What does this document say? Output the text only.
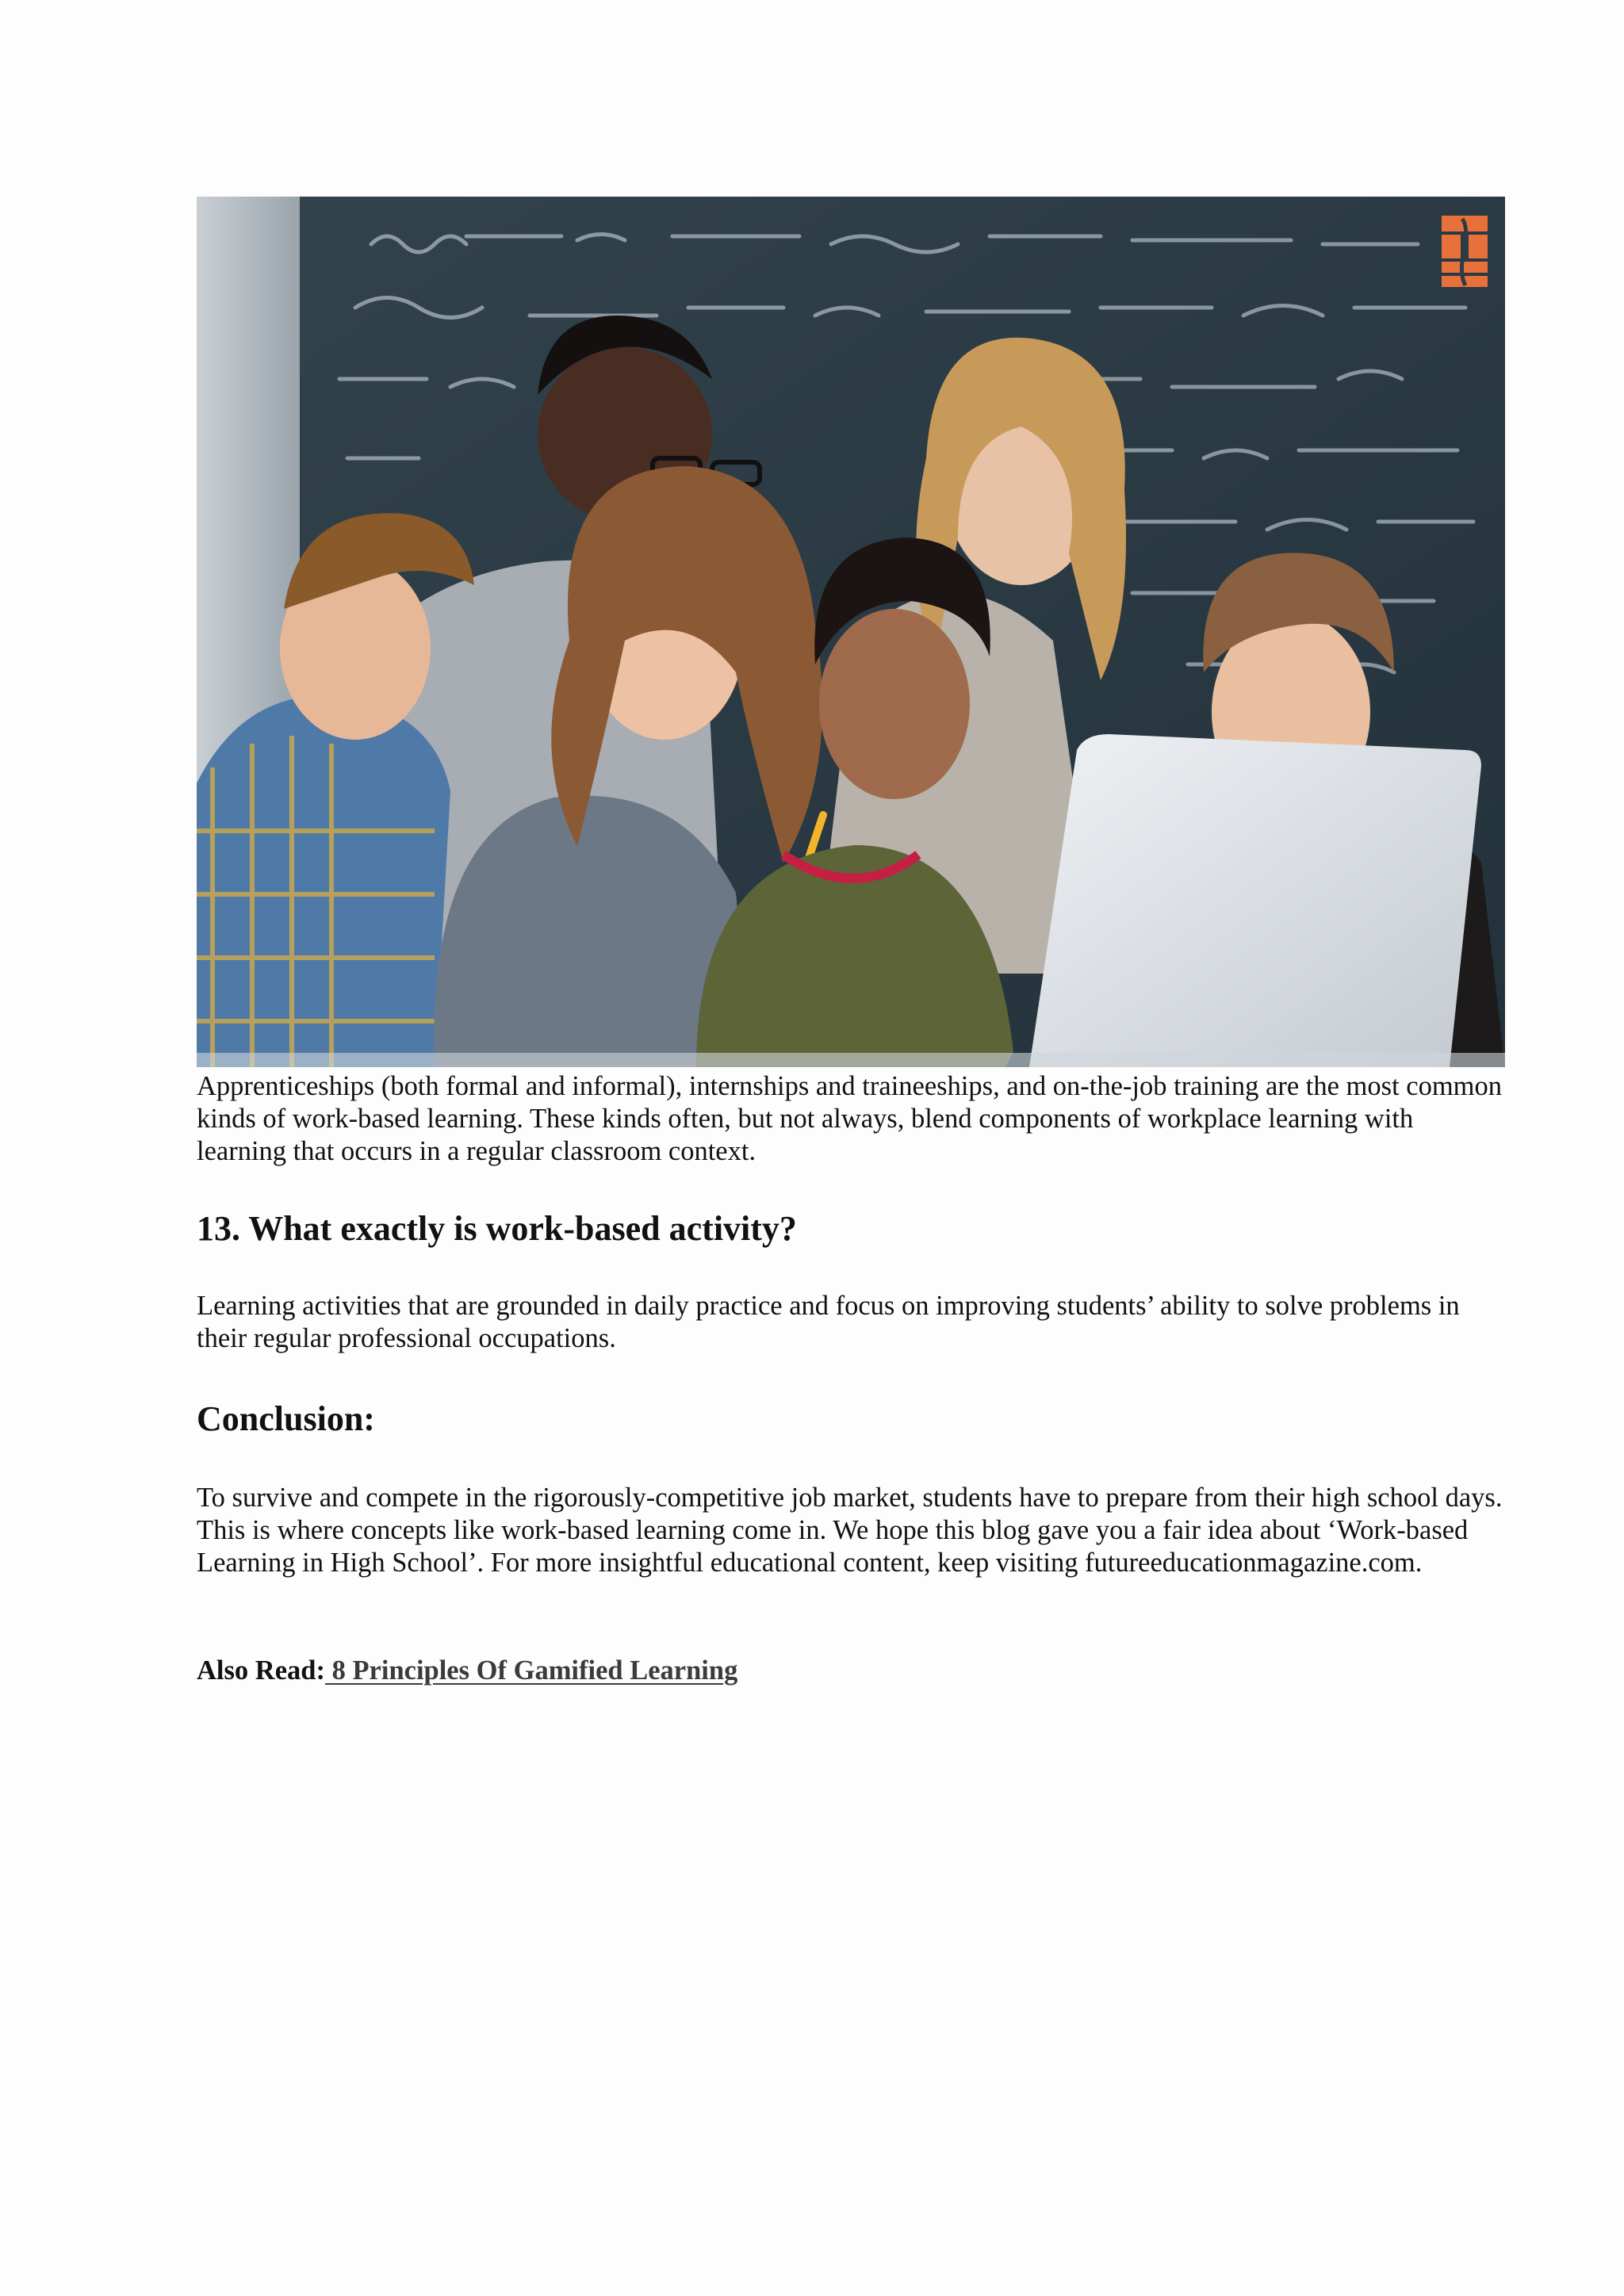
Apprenticeships (both formal and informal), internships and traineeships, and on-the-job training are the most common kinds of work-based learning. These kinds often, but not always, blend components of workplace learning with learning that occurs in a regular classroom context.

13. What exactly is work-based activity?

Learning activities that are grounded in daily practice and focus on improving students’ ability to solve problems in their regular professional occupations.

Conclusion:

To survive and compete in the rigorously-competitive job market, students have to prepare from their high school days. This is where concepts like work-based learning come in. We hope this blog gave you a fair idea about ‘Work-based Learning in High School’. For more insightful educational content, keep visiting futureeducationmagazine.com.

Also Read: 8 Principles Of Gamified Learning
